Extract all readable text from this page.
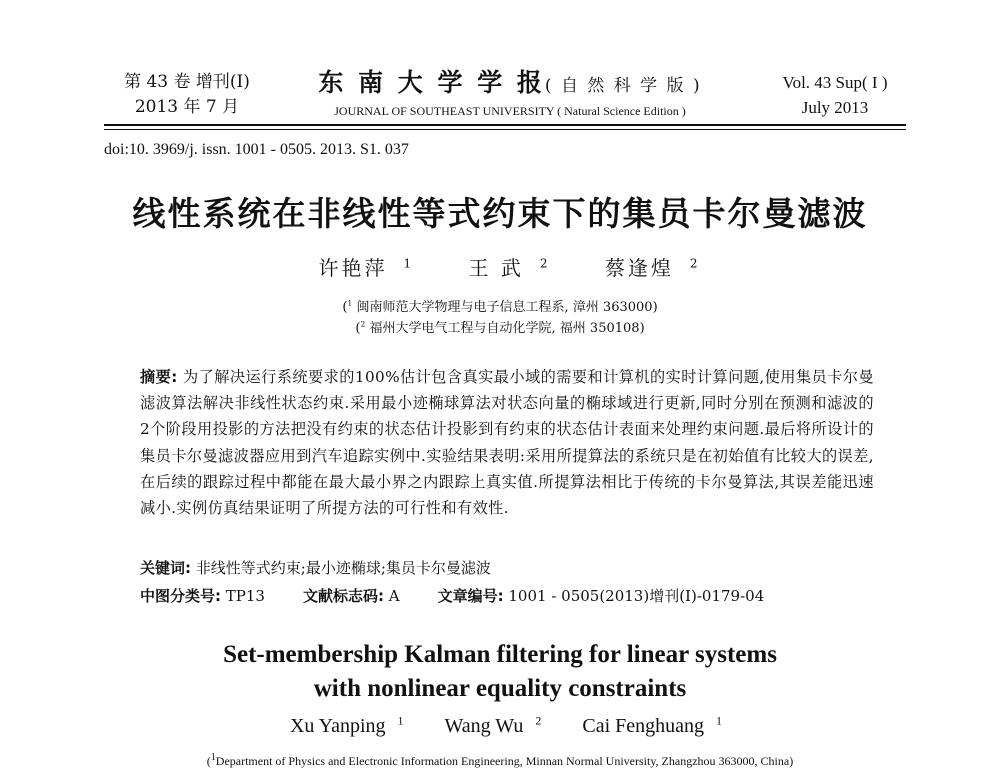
第 43 卷 增刊(I)
2013 年 7 月
东 南 大 学 学 报( 自 然 科 学 版 )
JOURNAL OF SOUTHEAST UNIVERSITY ( Natural Science Edition )
Vol. 43 Sup( I )
July 2013
doi:10. 3969/j. issn. 1001 - 0505. 2013. S1. 037
线性系统在非线性等式约束下的集员卡尔曼滤波
许艳萍 $^1$	王 武 $^2$	蔡逢煌 $^2$
($^1$ 闽南师范大学物理与电子信息工程系, 漳州 363000)
($^2$ 福州大学电气工程与自动化学院, 福州 350108)
摘要: 为了解决运行系统要求的100%估计包含真实最小域的需要和计算机的实时计算问题,使用集员卡尔曼滤波算法解决非线性状态约束.采用最小迹椭球算法对状态向量的椭球域进行更新,同时分别在预测和滤波的2个阶段用投影的方法把没有约束的状态估计投影到有约束的状态估计表面来处理约束问题.最后将所设计的集员卡尔曼滤波器应用到汽车追踪实例中.实验结果表明:采用所提算法的系统只是在初始值有比较大的误差,在后续的跟踪过程中都能在最大最小界之内跟踪上真实值.所提算法相比于传统的卡尔曼算法,其误差能迅速减小.实例仿真结果证明了所提方法的可行性和有效性.
关键词: 非线性等式约束;最小迹椭球;集员卡尔曼滤波
中图分类号: TP13	文献标志码: A	文章编号: 1001 - 0505(2013)增刊(I)-0179-04
Set-membership Kalman filtering for linear systems
with nonlinear equality constraints
Xu Yanping $^1$ Wang Wu $^2$ Cai Fenghuang $^1$
($^1$Department of Physics and Electronic Information Engineering, Minnan Normal University, Zhangzhou 363000, China)
